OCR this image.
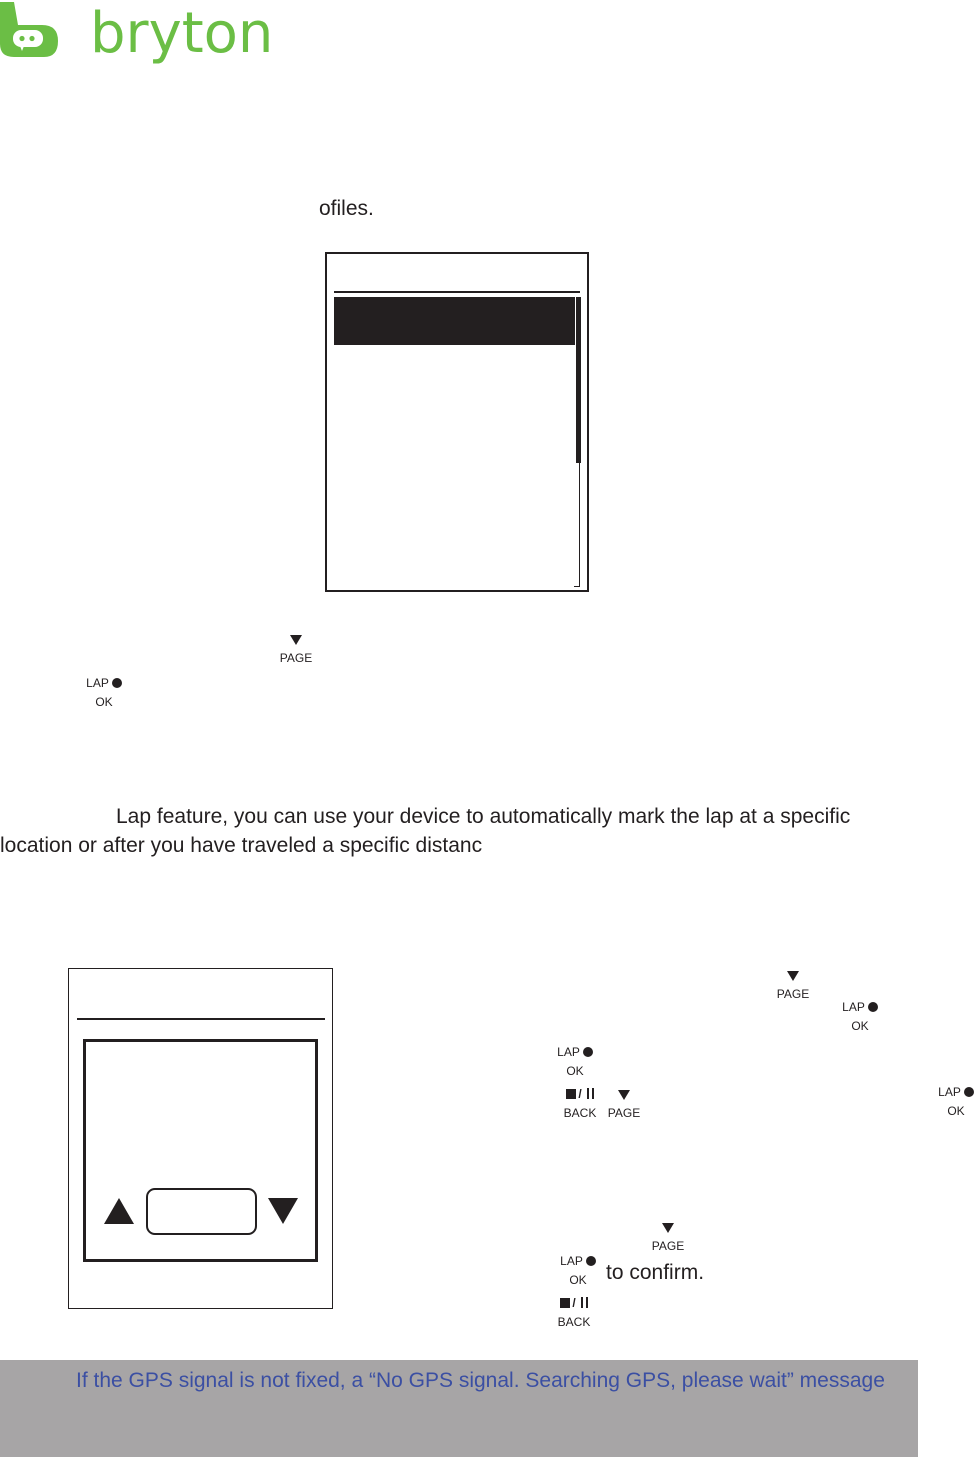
bryton
ofiles.
PAGE
LAP
OK
Lap feature, you can use your device to automatically mark the lap at a specific
location or after you have traveled a specific distanc
PAGE
LAP
OK
LAP
OK
/
BACK PAGE
LAP
OK
PAGE
LAP
OK to confirm.
/
BACK
If the GPS signal is not fixed, a “No GPS signal. Searching GPS, please wait” message
